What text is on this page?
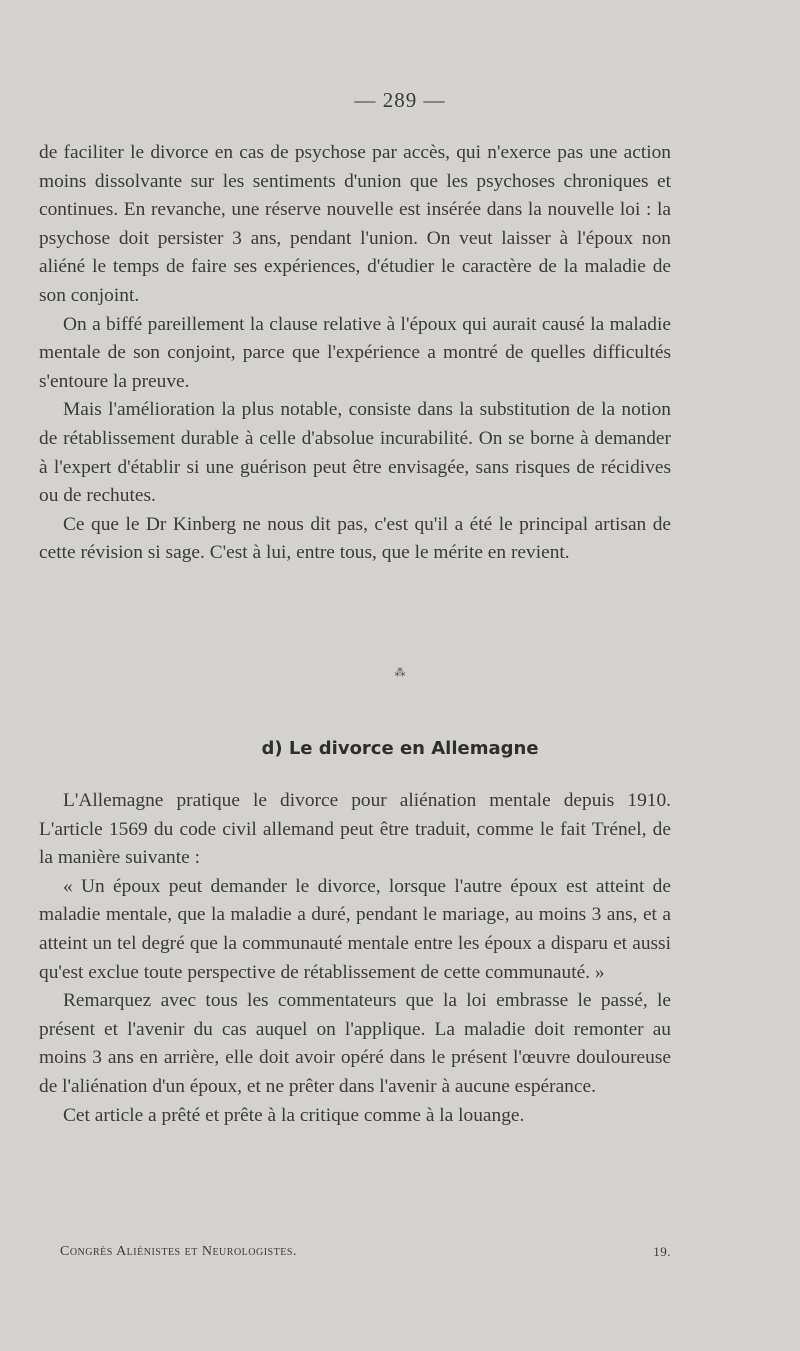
— 289 —

de faciliter le divorce en cas de psychose par accès, qui n'exerce pas une action moins dissolvante sur les sentiments d'union que les psychoses chroniques et continues. En revanche, une réserve nouvelle est insérée dans la nouvelle loi : la psychose doit persister 3 ans, pendant l'union. On veut laisser à l'époux non aliéné le temps de faire ses expériences, d'étudier le caractère de la maladie de son conjoint.

On a biffé pareillement la clause relative à l'époux qui aurait causé la maladie mentale de son conjoint, parce que l'expérience a montré de quelles difficultés s'entoure la preuve.

Mais l'amélioration la plus notable, consiste dans la substitution de la notion de rétablissement durable à celle d'absolue incurabilité. On se borne à demander à l'expert d'établir si une guérison peut être envisagée, sans risques de récidives ou de rechutes.

Ce que le Dr Kinberg ne nous dit pas, c'est qu'il a été le principal artisan de cette révision si sage. C'est à lui, entre tous, que le mérite en revient.

⁂
d) Le divorce en Allemagne

L'Allemagne pratique le divorce pour aliénation mentale depuis 1910. L'article 1569 du code civil allemand peut être traduit, comme le fait Trénel, de la manière suivante :

« Un époux peut demander le divorce, lorsque l'autre époux est atteint de maladie mentale, que la maladie a duré, pendant le mariage, au moins 3 ans, et a atteint un tel degré que la communauté mentale entre les époux a disparu et aussi qu'est exclue toute perspective de rétablissement de cette communauté. »

Remarquez avec tous les commentateurs que la loi embrasse le passé, le présent et l'avenir du cas auquel on l'applique. La maladie doit remonter au moins 3 ans en arrière, elle doit avoir opéré dans le présent l'œuvre douloureuse de l'aliénation d'un époux, et ne prêter dans l'avenir à aucune espérance.

Cet article a prêté et prête à la critique comme à la louange.

Congrès Aliénistes et Neurologistes.	19.
